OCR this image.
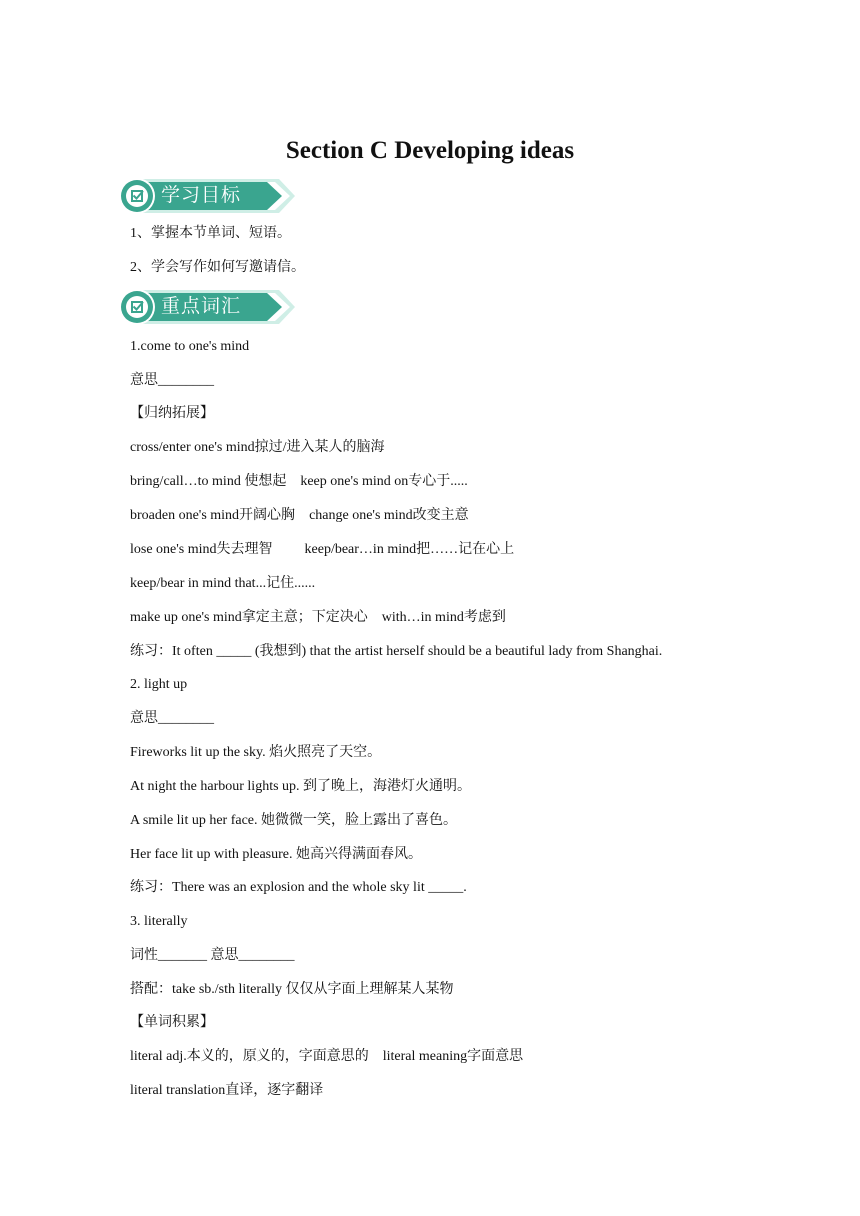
Section C Developing ideas
学习目标
1、掌握本节单词、短语。
2、学会写作如何写邀请信。
重点词汇
1.come to one's mind
意思________
【归纳拓展】
cross/enter one's mind掠过/进入某人的脑海
bring/call…to mind 使想起 keep one's mind on专心于.....
broaden one's mind开阔心胸 change one's mind改变主意
lose one's mind失去理智 keep/bear…in mind把……记在心上
keep/bear in mind that...记住......
make up one's mind拿定主意；下定决心 with…in mind考虑到
练习：It often _____ (我想到) that the artist herself should be a beautiful lady from Shanghai.
2. light up
意思________
Fireworks lit up the sky. 焰火照亮了天空。
At night the harbour lights up. 到了晚上，海港灯火通明。
A smile lit up her face. 她微微一笑，脸上露出了喜色。
Her face lit up with pleasure. 她高兴得满面春风。
练习：There was an explosion and the whole sky lit _____.
3. literally
词性_______ 意思________
搭配：take sb./sth literally 仅仅从字面上理解某人某物
【单词积累】
literal adj.本义的，原义的，字面意思的 literal meaning字面意思
literal translation直译，逐字翻译
